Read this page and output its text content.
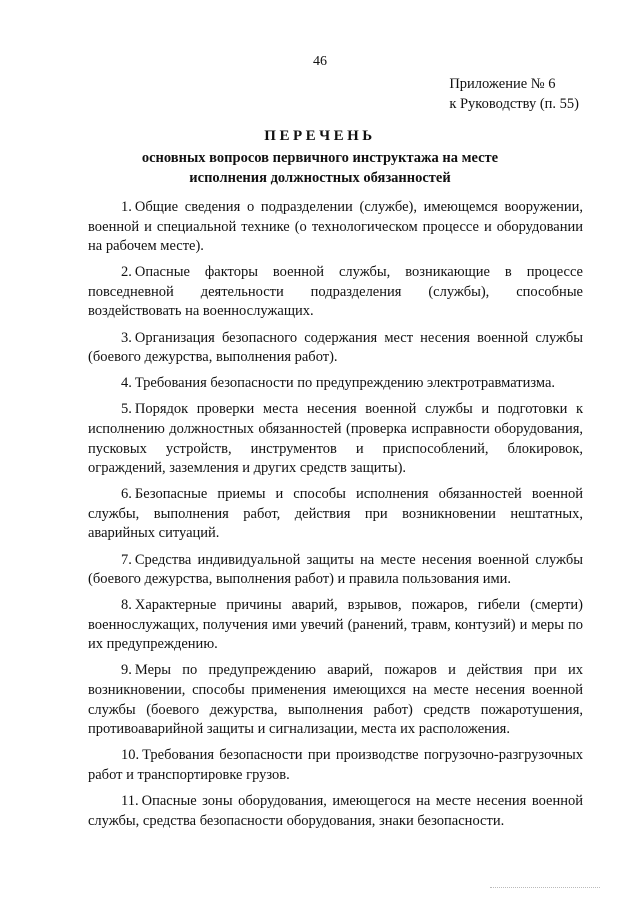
46
Приложение № 6
к Руководству (п. 55)
ПЕРЕЧЕНЬ
основных вопросов первичного инструктажа на месте
исполнения должностных обязанностей

1. Общие сведения о подразделении (службе), имеющемся вооружении, военной и специальной технике (о технологическом процессе и оборудовании на рабочем месте).

2. Опасные факторы военной службы, возникающие в процессе повседневной деятельности подразделения (службы), способные воздействовать на военнослужащих.

3. Организация безопасного содержания мест несения военной службы (боевого дежурства, выполнения работ).

4. Требования безопасности по предупреждению электротравматизма.

5. Порядок проверки места несения военной службы и подготовки к исполнению должностных обязанностей (проверка исправности оборудования, пусковых устройств, инструментов и приспособлений, блокировок, ограждений, заземления и других средств защиты).

6. Безопасные приемы и способы исполнения обязанностей военной службы, выполнения работ, действия при возникновении нештатных, аварийных ситуаций.

7. Средства индивидуальной защиты на месте несения военной службы (боевого дежурства, выполнения работ) и правила пользования ими.

8. Характерные причины аварий, взрывов, пожаров, гибели (смерти) военнослужащих, получения ими увечий (ранений, травм, контузий) и меры по их предупреждению.

9. Меры по предупреждению аварий, пожаров и действия при их возникновении, способы применения имеющихся на месте несения военной службы (боевого дежурства, выполнения работ) средств пожаротушения, противоаварийной защиты и сигнализации, места их расположения.

10. Требования безопасности при производстве погрузочно-разгрузочных работ и транспортировке грузов.

11. Опасные зоны оборудования, имеющегося на месте несения военной службы, средства безопасности оборудования, знаки безопасности.
